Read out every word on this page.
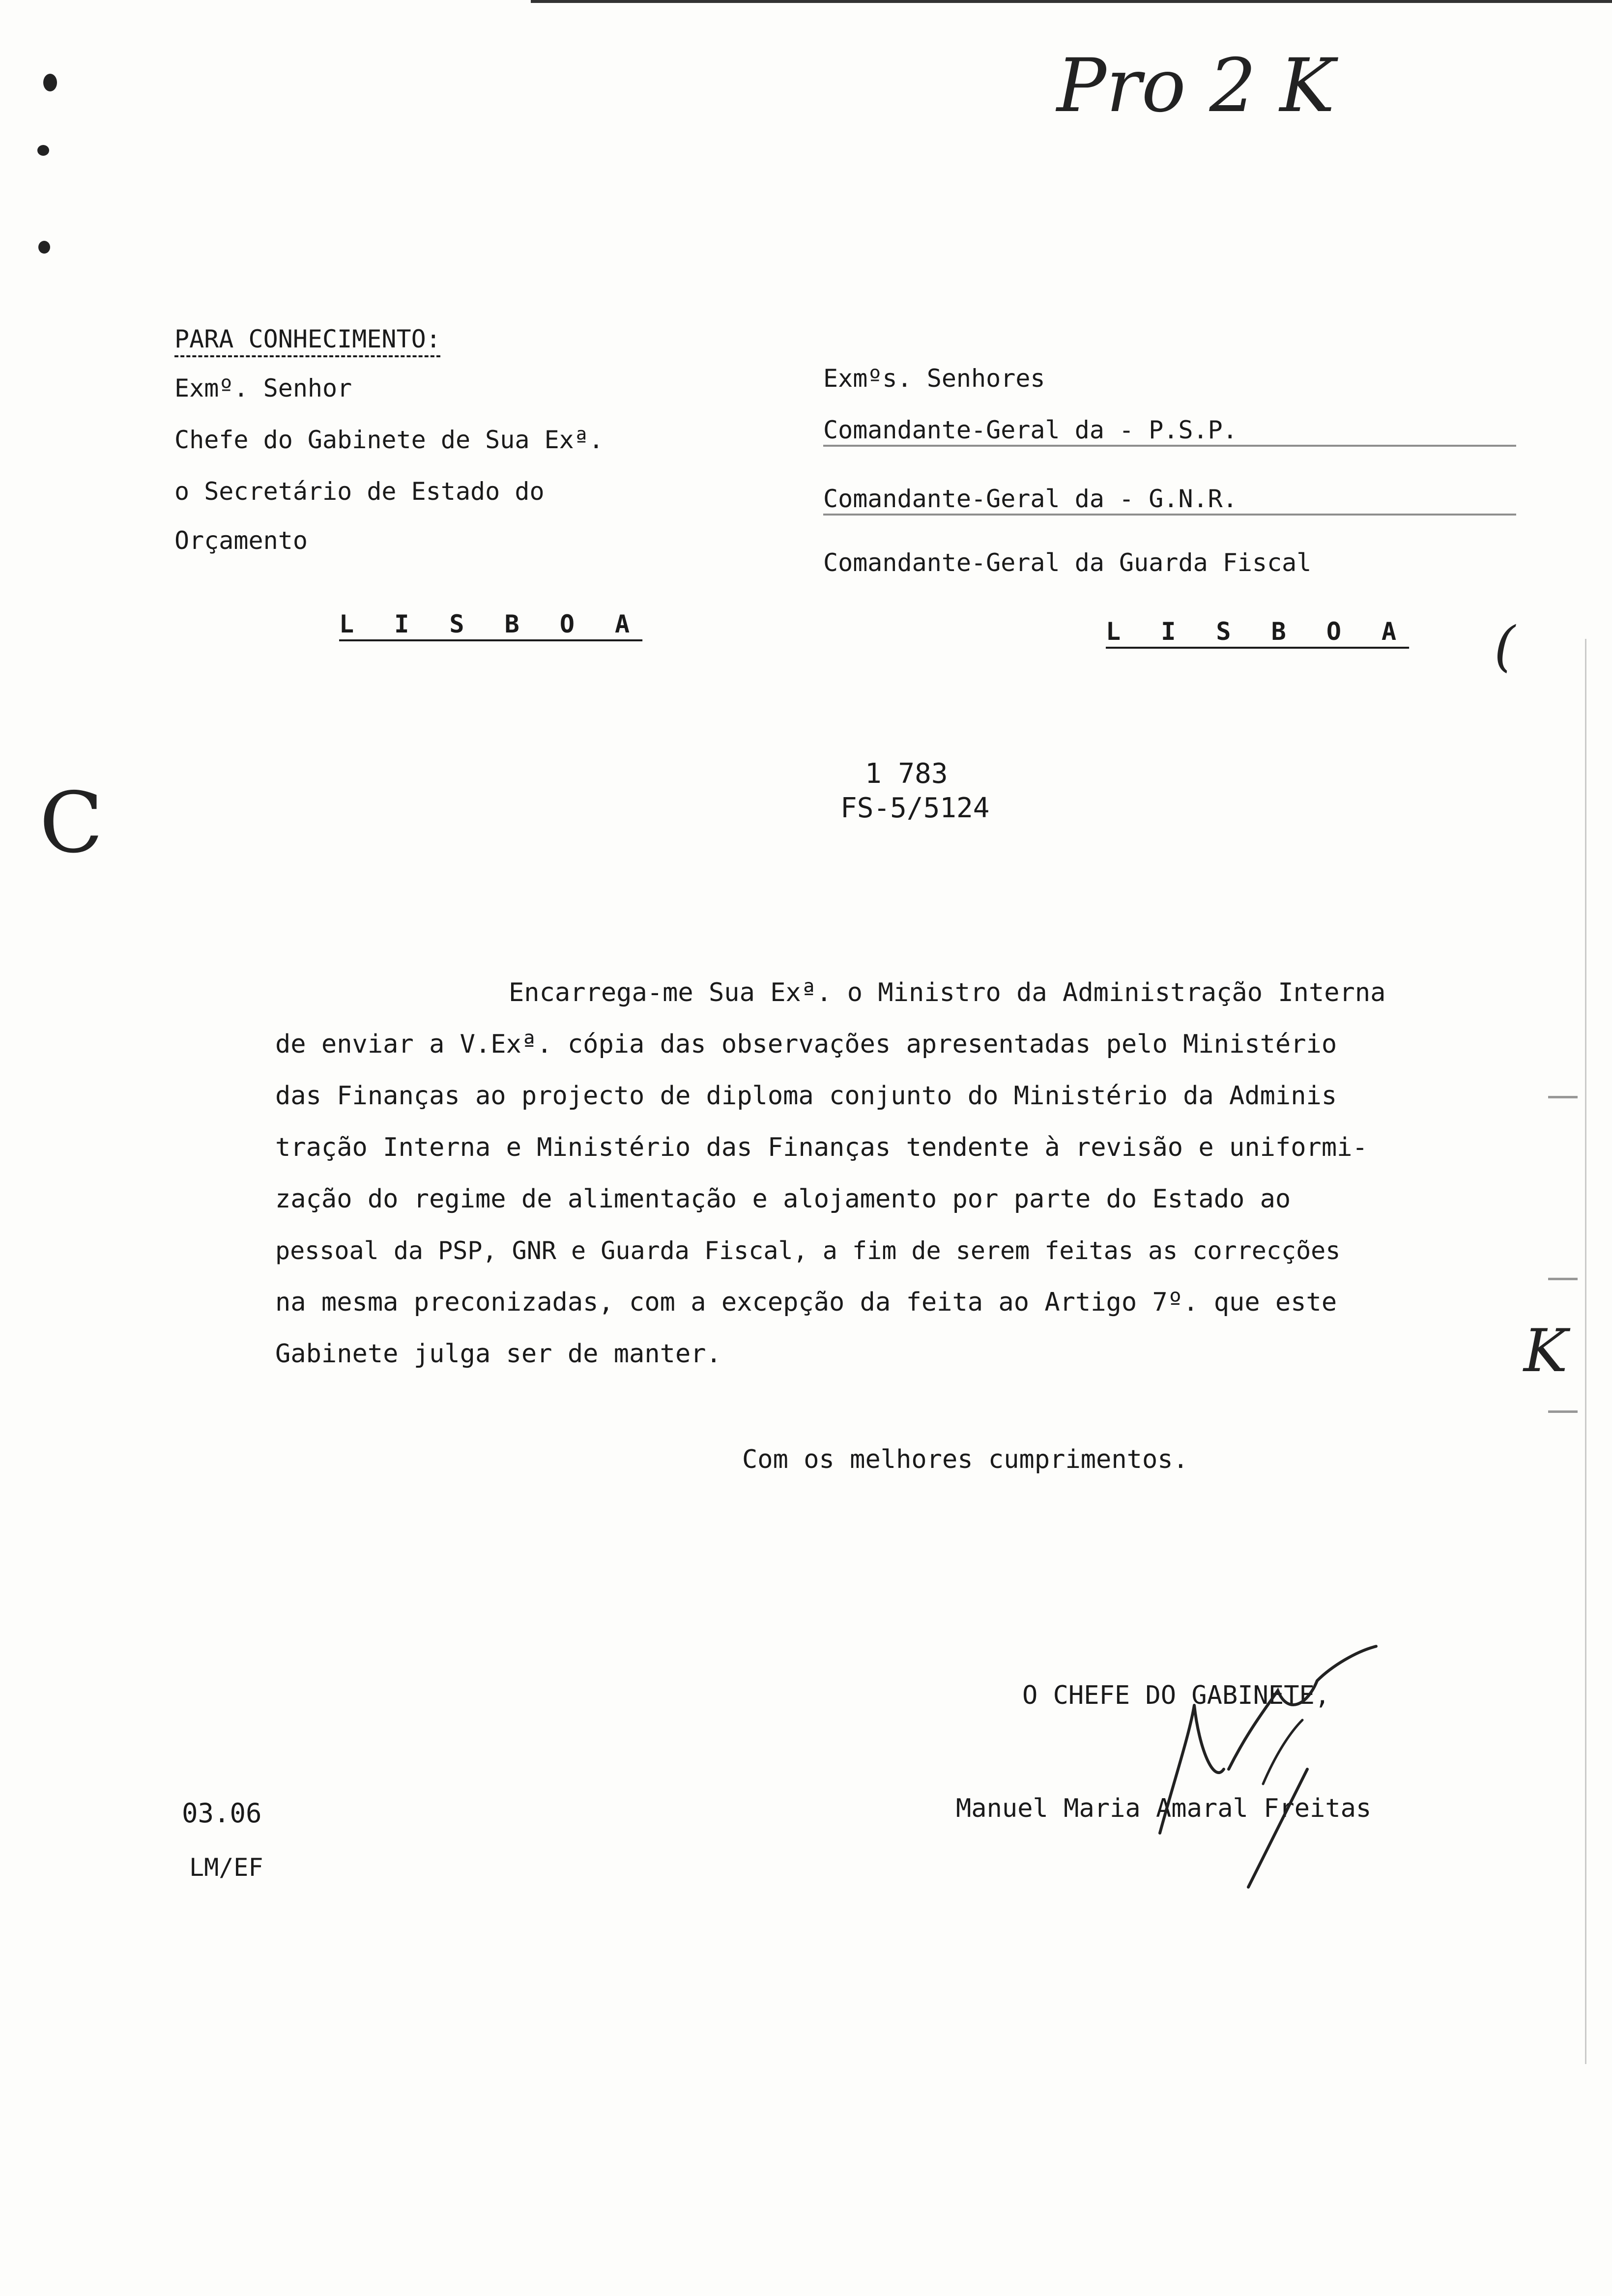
Pro 2 K
(
K
C

PARA CONHECIMENTO:

Exmº. Senhor

Chefe do Gabinete de Sua Exª.

o Secretário de Estado do

Orçamento

L I S B O A

Exmºs. Senhores

Comandante-Geral da - P.S.P.

Comandante-Geral da - G.N.R.

Comandante-Geral da Guarda Fiscal

L I S B O A

1 783

FS-5/5124

Encarrega-me Sua Exª. o Ministro da Administração Interna

de enviar a V.Exª. cópia das observações apresentadas pelo Ministério

das Finanças ao projecto de diploma conjunto do Ministério da Adminis

tração Interna e Ministério das Finanças tendente à revisão e uniformi-

zação do regime de alimentação e alojamento por parte do Estado ao

pessoal da PSP, GNR e Guarda Fiscal, a fim de serem feitas as correcções

na mesma preconizadas, com a excepção da feita ao Artigo 7º. que este

Gabinete julga ser de manter.

Com os melhores cumprimentos.

O CHEFE DO GABINETE,

Manuel Maria Amaral Freitas

03.06

LM/EF
